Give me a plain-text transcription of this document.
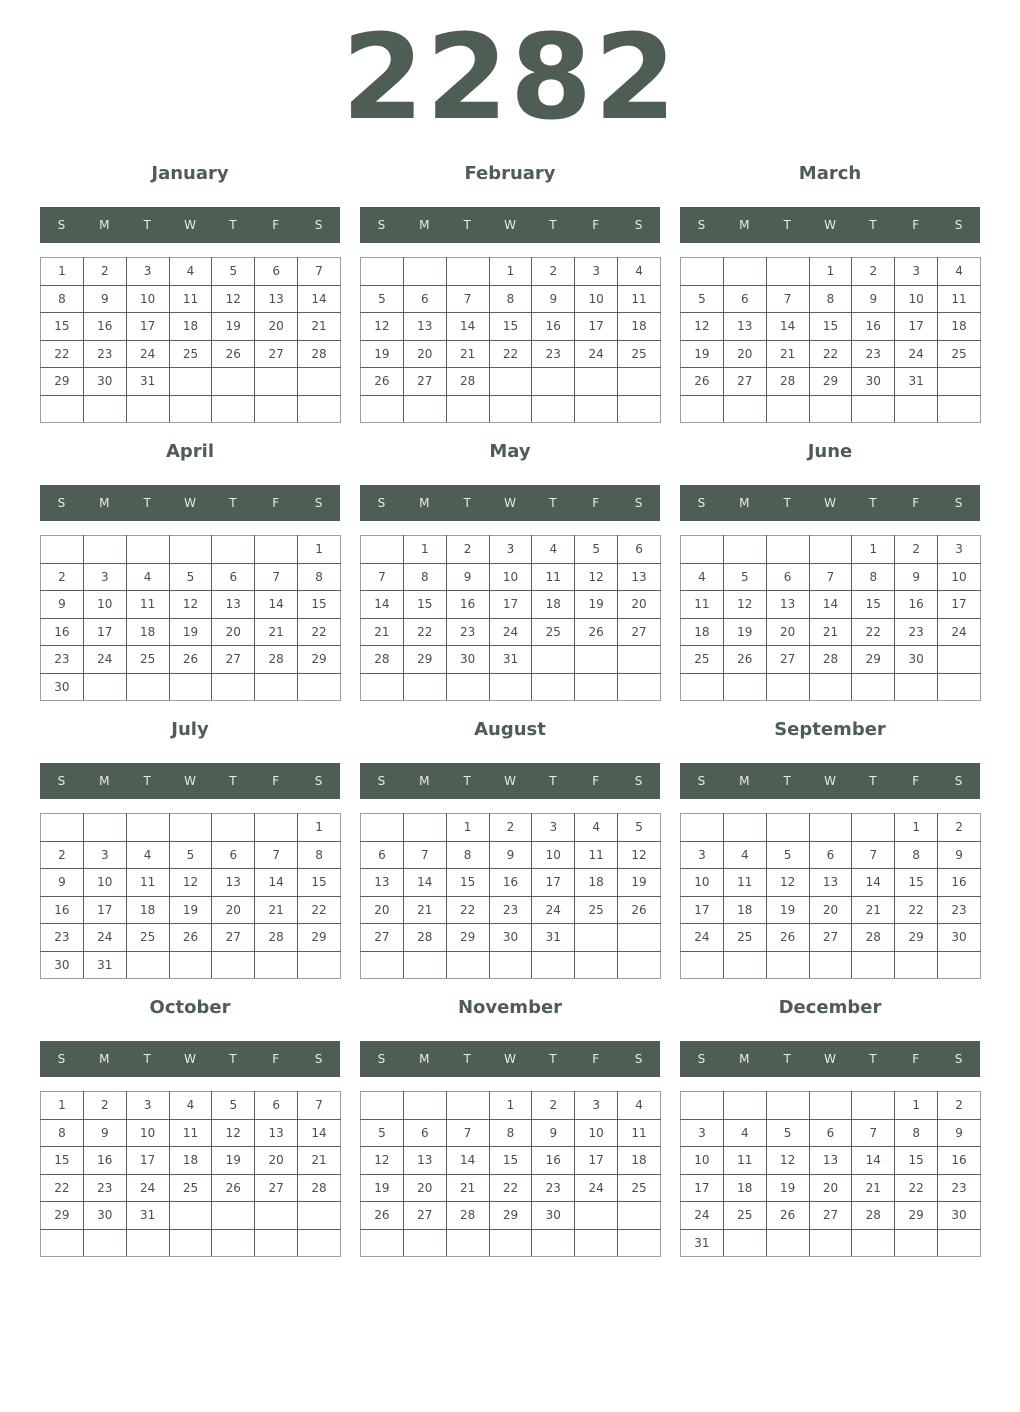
2282
January
S	M	T	W	T	F	S
1	2	3	4	5	6	7
8	9	10	11	12	13	14
15	16	17	18	19	20	21
22	23	24	25	26	27	28
29	30	31				

February
S	M	T	W	T	F	S
			1	2	3	4
5	6	7	8	9	10	11
12	13	14	15	16	17	18
19	20	21	22	23	24	25
26	27	28				

March
S	M	T	W	T	F	S
			1	2	3	4
5	6	7	8	9	10	11
12	13	14	15	16	17	18
19	20	21	22	23	24	25
26	27	28	29	30	31	

April
S	M	T	W	T	F	S
						1
2	3	4	5	6	7	8
9	10	11	12	13	14	15
16	17	18	19	20	21	22
23	24	25	26	27	28	29
30						
May
S	M	T	W	T	F	S
	1	2	3	4	5	6
7	8	9	10	11	12	13
14	15	16	17	18	19	20
21	22	23	24	25	26	27
28	29	30	31			

June
S	M	T	W	T	F	S
				1	2	3
4	5	6	7	8	9	10
11	12	13	14	15	16	17
18	19	20	21	22	23	24
25	26	27	28	29	30	

July
S	M	T	W	T	F	S
						1
2	3	4	5	6	7	8
9	10	11	12	13	14	15
16	17	18	19	20	21	22
23	24	25	26	27	28	29
30	31					
August
S	M	T	W	T	F	S
		1	2	3	4	5
6	7	8	9	10	11	12
13	14	15	16	17	18	19
20	21	22	23	24	25	26
27	28	29	30	31		

September
S	M	T	W	T	F	S
					1	2
3	4	5	6	7	8	9
10	11	12	13	14	15	16
17	18	19	20	21	22	23
24	25	26	27	28	29	30

October
S	M	T	W	T	F	S
1	2	3	4	5	6	7
8	9	10	11	12	13	14
15	16	17	18	19	20	21
22	23	24	25	26	27	28
29	30	31				

November
S	M	T	W	T	F	S
			1	2	3	4
5	6	7	8	9	10	11
12	13	14	15	16	17	18
19	20	21	22	23	24	25
26	27	28	29	30		

December
S	M	T	W	T	F	S
					1	2
3	4	5	6	7	8	9
10	11	12	13	14	15	16
17	18	19	20	21	22	23
24	25	26	27	28	29	30
31						
